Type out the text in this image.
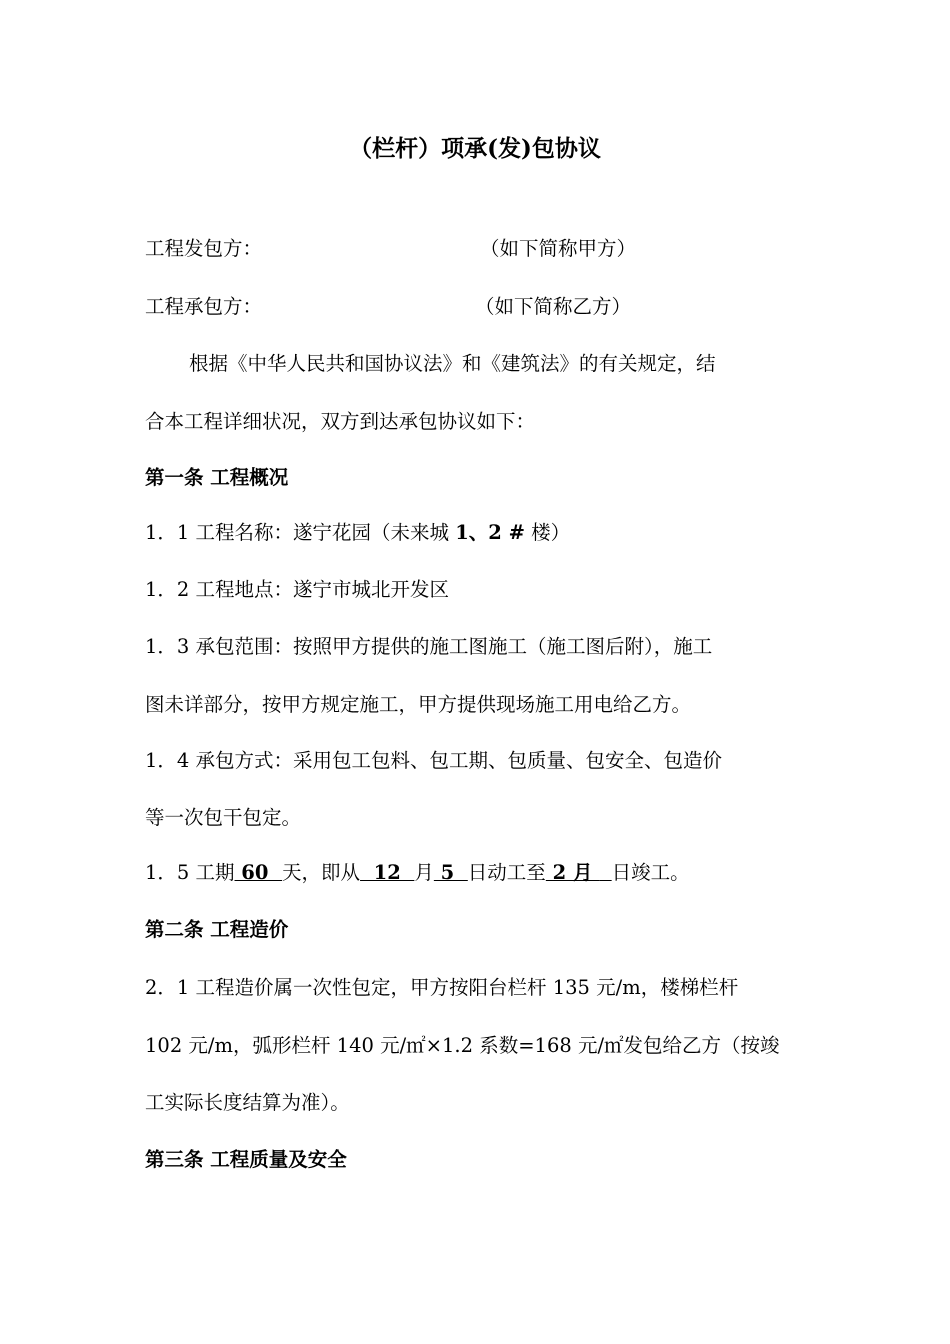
（栏杆）项承(发)包协议
工程发包方：	（如下简称甲方）
工程承包方：	（如下简称乙方）
根据《中华人民共和国协议法》和《建筑法》的有关规定，结
合本工程详细状况，双方到达承包协议如下：
第一条 工程概况
1．1 工程名称：遂宁花园（未来城 1、2 # 楼）
1．2 工程地点：遂宁市城北开发区
1．3 承包范围：按照甲方提供的施工图施工（施工图后附），施工
图未详部分，按甲方规定施工，甲方提供现场施工用电给乙方。
1．4 承包方式：采用包工包料、包工期、包质量、包安全、包造价
等一次包干包定。
1．5 工期 60  天，即从  12  月 5  日动工至 2 月   日竣工。
第二条 工程造价
2．1 工程造价属一次性包定，甲方按阳台栏杆 135 元/m，楼梯栏杆
102 元/m，弧形栏杆 140 元/㎡×1.2 系数=168 元/㎡发包给乙方（按竣
工实际长度结算为准）。
第三条 工程质量及安全
